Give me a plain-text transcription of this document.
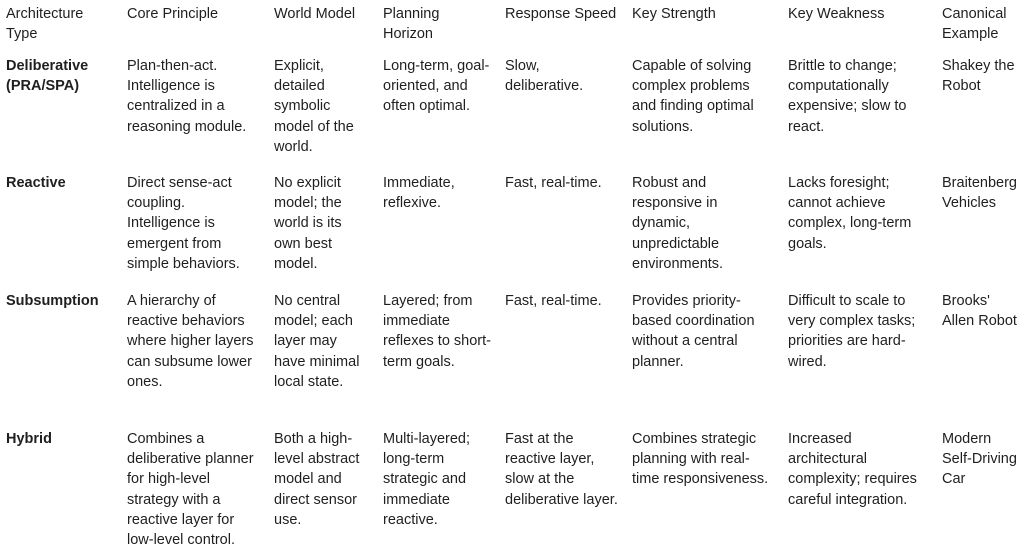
Architecture Type	Core Principle	World Model	Planning Horizon	Response Speed	Key Strength	Key Weakness	Canonical Example

Deliberative (PRA/SPA)	Plan-then-act. Intelligence is centralized in a reasoning module.	Explicit, detailed symbolic model of the world.	Long-term, goal-oriented, and often optimal.	Slow, deliberative.	Capable of solving complex problems and finding optimal solutions.	Brittle to change; computationally expensive; slow to react.	Shakey the Robot

Reactive	Direct sense-act coupling. Intelligence is emergent from simple behaviors.	No explicit model; the world is its own best model.	Immediate, reflexive.	Fast, real-time.	Robust and responsive in dynamic, unpredictable environments.	Lacks foresight; cannot achieve complex, long-term goals.	Braitenberg Vehicles

Subsumption	A hierarchy of reactive behaviors where higher layers can subsume lower ones.	No central model; each layer may have minimal local state.	Layered; from immediate reflexes to short-term goals.	Fast, real-time.	Provides priority-based coordination without a central planner.	Difficult to scale to very complex tasks; priorities are hard-wired.	Brooks' Allen Robot

Hybrid	Combines a deliberative planner for high-level strategy with a reactive layer for low-level control.	Both a high-level abstract model and direct sensor use.	Multi-layered; long-term strategic and immediate reactive.	Fast at the reactive layer, slow at the deliberative layer.	Combines strategic planning with real-time responsiveness.	Increased architectural complexity; requires careful integration.	Modern Self-Driving Car
